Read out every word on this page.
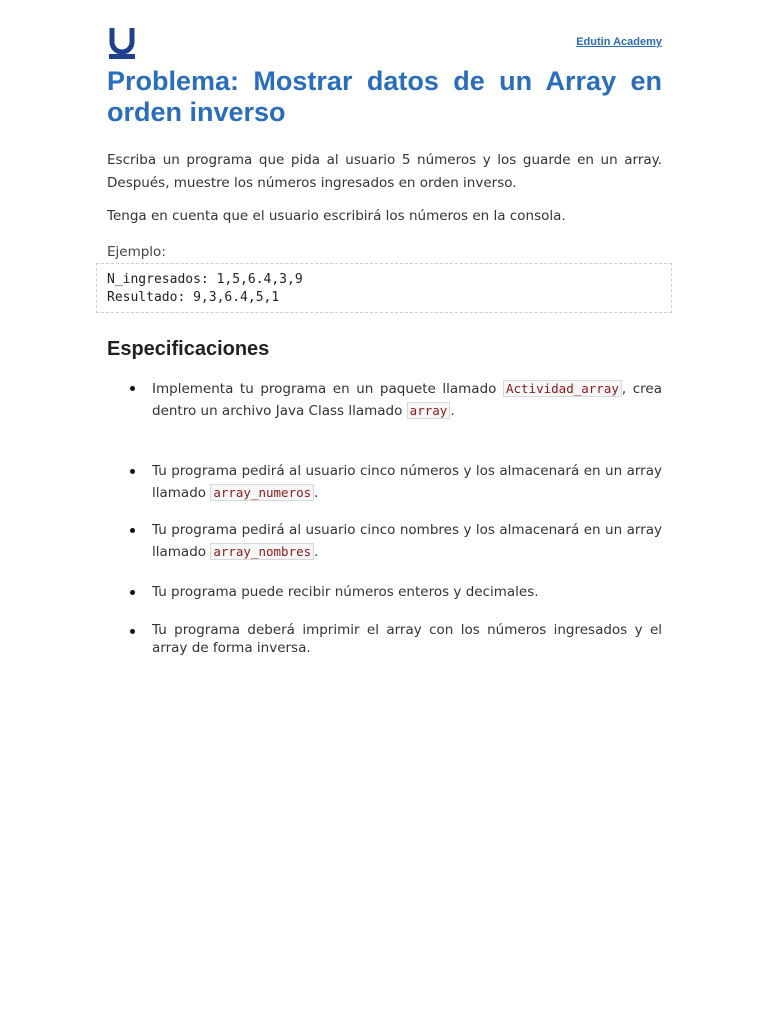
Edutin Academy
Problema: Mostrar datos de un Array en orden inverso

Escriba un programa que pida al usuario 5 números y los guarde en un array. Después, muestre los números ingresados en orden inverso.

Tenga en cuenta que el usuario escribirá los números en la consola.

Ejemplo:

N_ingresados: 1,5,6.4,3,9
Resultado: 9,3,6.4,5,1
Especificaciones

Implementa tu programa en un paquete llamado Actividad_array , crea dentro un archivo Java Class llamado array .

Tu programa pedirá al usuario cinco números y los almacenará en un array llamado array_numeros .

Tu programa pedirá al usuario cinco nombres y los almacenará en un array llamado array_nombres .

Tu programa puede recibir números enteros y decimales.

Tu programa deberá imprimir el array con los números ingresados y el array de forma inversa.
